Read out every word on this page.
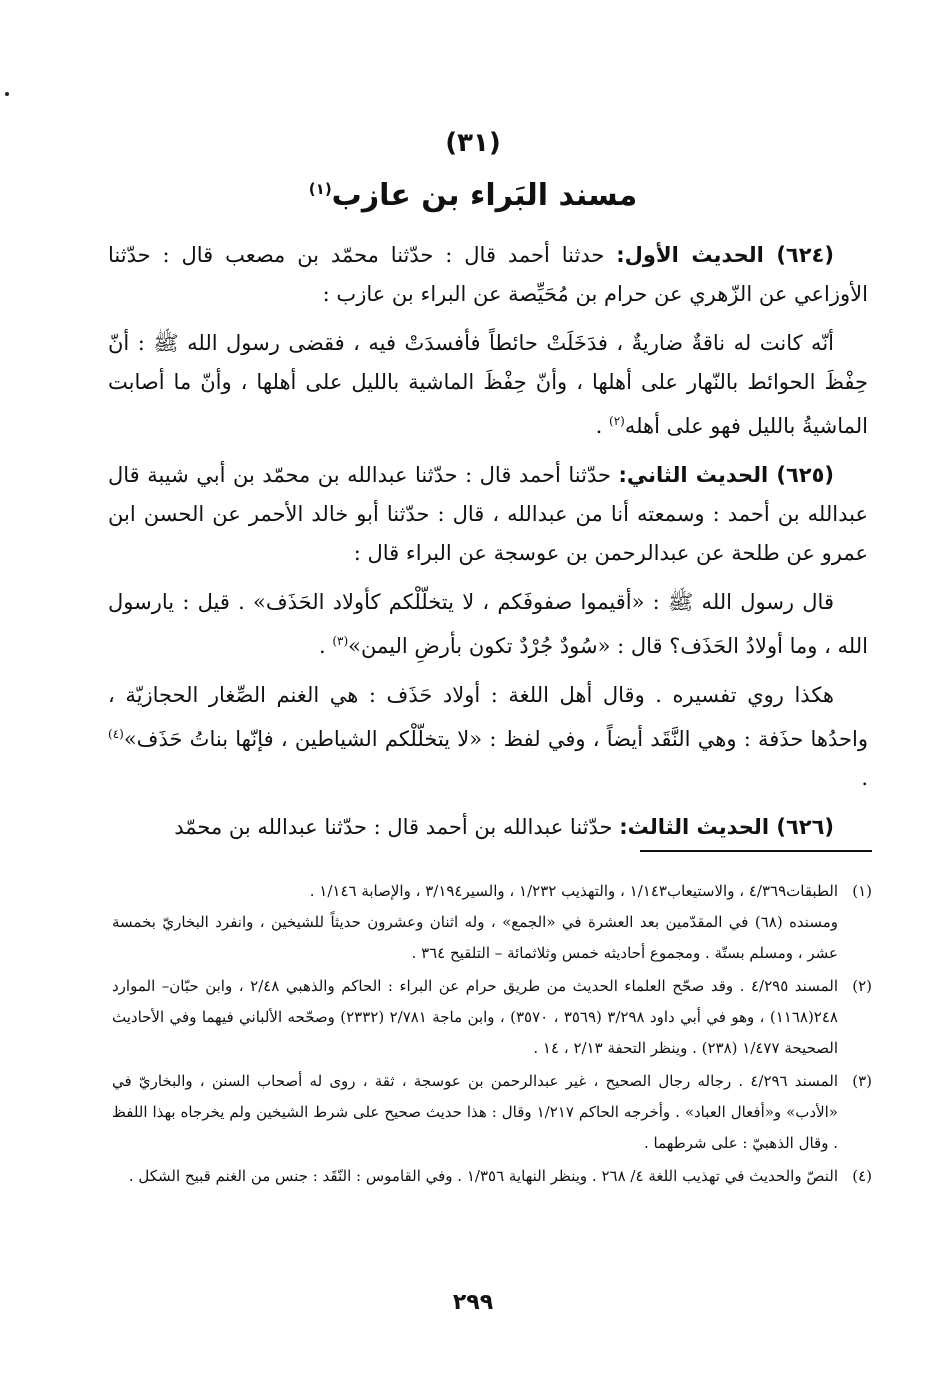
(٣١)
مسند البَراء بن عازب$^{(١)}$

(٦٢٤) الحديث الأول: حدثنا أحمد قال : حدّثنا محمّد بن مصعب قال : حدّثنا الأوزاعي عن الزّهري عن حرام بن مُحَيِّصة عن البراء بن عازب :

أنّه كانت له ناقةٌ ضاريةٌ ، فدَخَلَتْ حائطاً فأفسدَتْ فيه ، فقضى رسول الله ﷺ : أنّ حِفْظَ الحوائط بالنّهار على أهلها ، وأنّ حِفْظَ الماشية بالليل على أهلها ، وأنّ ما أصابت الماشيةُ بالليل فهو على أهله$^{(٢)}$ .

(٦٢٥) الحديث الثاني: حدّثنا أحمد قال : حدّثنا عبدالله بن محمّد بن أبي شيبة قال عبدالله بن أحمد : وسمعته أنا من عبدالله ، قال : حدّثنا أبو خالد الأحمر عن الحسن ابن عمرو عن طلحة عن عبدالرحمن بن عوسجة عن البراء قال :

قال رسول الله ﷺ : «أقيموا صفوفَكم ، لا يتخلّلْكم كأولاد الحَذَف» . قيل : يارسول الله ، وما أولادُ الحَذَف؟ قال : «سُودٌ جُرْدٌ تكون بأرضِ اليمن»$^{(٣)}$ .

هكذا روي تفسيره . وقال أهل اللغة : أولاد حَذَف : هي الغنم الصِّغار الحجازيّة ، واحدُها حذَفة : وهي النَّقَد أيضاً ، وفي لفظ : «لا يتخلّلْكم الشياطين ، فإنّها بناتُ حَذَف»$^{(٤)}$ .

(٦٢٦) الحديث الثالث: حدّثنا عبدالله بن أحمد قال : حدّثنا عبدالله بن محمّد

(١)
الطبقات٤/٣٦٩ ، والاستيعاب١/١٤٣ ، والتهذيب ١/٢٣٢ ، والسير٣/١٩٤ ، والإصابة ١/١٤٦ .
ومسنده (٦٨) في المقدّمين بعد العشرة في «الجمع» ، وله اثنان وعشرون حديثاً للشيخين ، وانفرد البخاريّ بخمسة عشر ، ومسلم بستّة . ومجموع أحاديثه خمس وثلاثمائة – التلقيح ٣٦٤ .
(٢)
المسند ٤/٢٩٥ . وقد صحّح العلماء الحديث من طريق حرام عن البراء : الحاكم والذهبي ٢/٤٨ ، وابن حبّان– الموارد ٢٤٨(١١٦٨) ، وهو في أبي داود ٣/٢٩٨ (٣٥٦٩ ، ٣٥٧٠) ، وابن ماجة ٢/٧٨١ (٢٣٣٢) وصحّحه الألباني فيهما وفي الأحاديث الصحيحة ١/٤٧٧ (٢٣٨) . وينظر التحفة ٢/١٣ ، ١٤ .
(٣)
المسند ٤/٢٩٦ . رجاله رجال الصحيح ، غير عبدالرحمن بن عوسجة ، ثقة ، روى له أصحاب السنن ، والبخاريّ في «الأدب» و«أفعال العباد» . وأخرجه الحاكم ١/٢١٧ وقال : هذا حديث صحيح على شرط الشيخين ولم يخرجاه بهذا اللفظ . وقال الذهبيّ : على شرطهما .
(٤)
النصّ والحديث في تهذيب اللغة ٤/ ٢٦٨ . وينظر النهاية ١/٣٥٦ . وفي القاموس : النّقَد : جنس من الغنم قبيح الشكل .
٢٩٩
